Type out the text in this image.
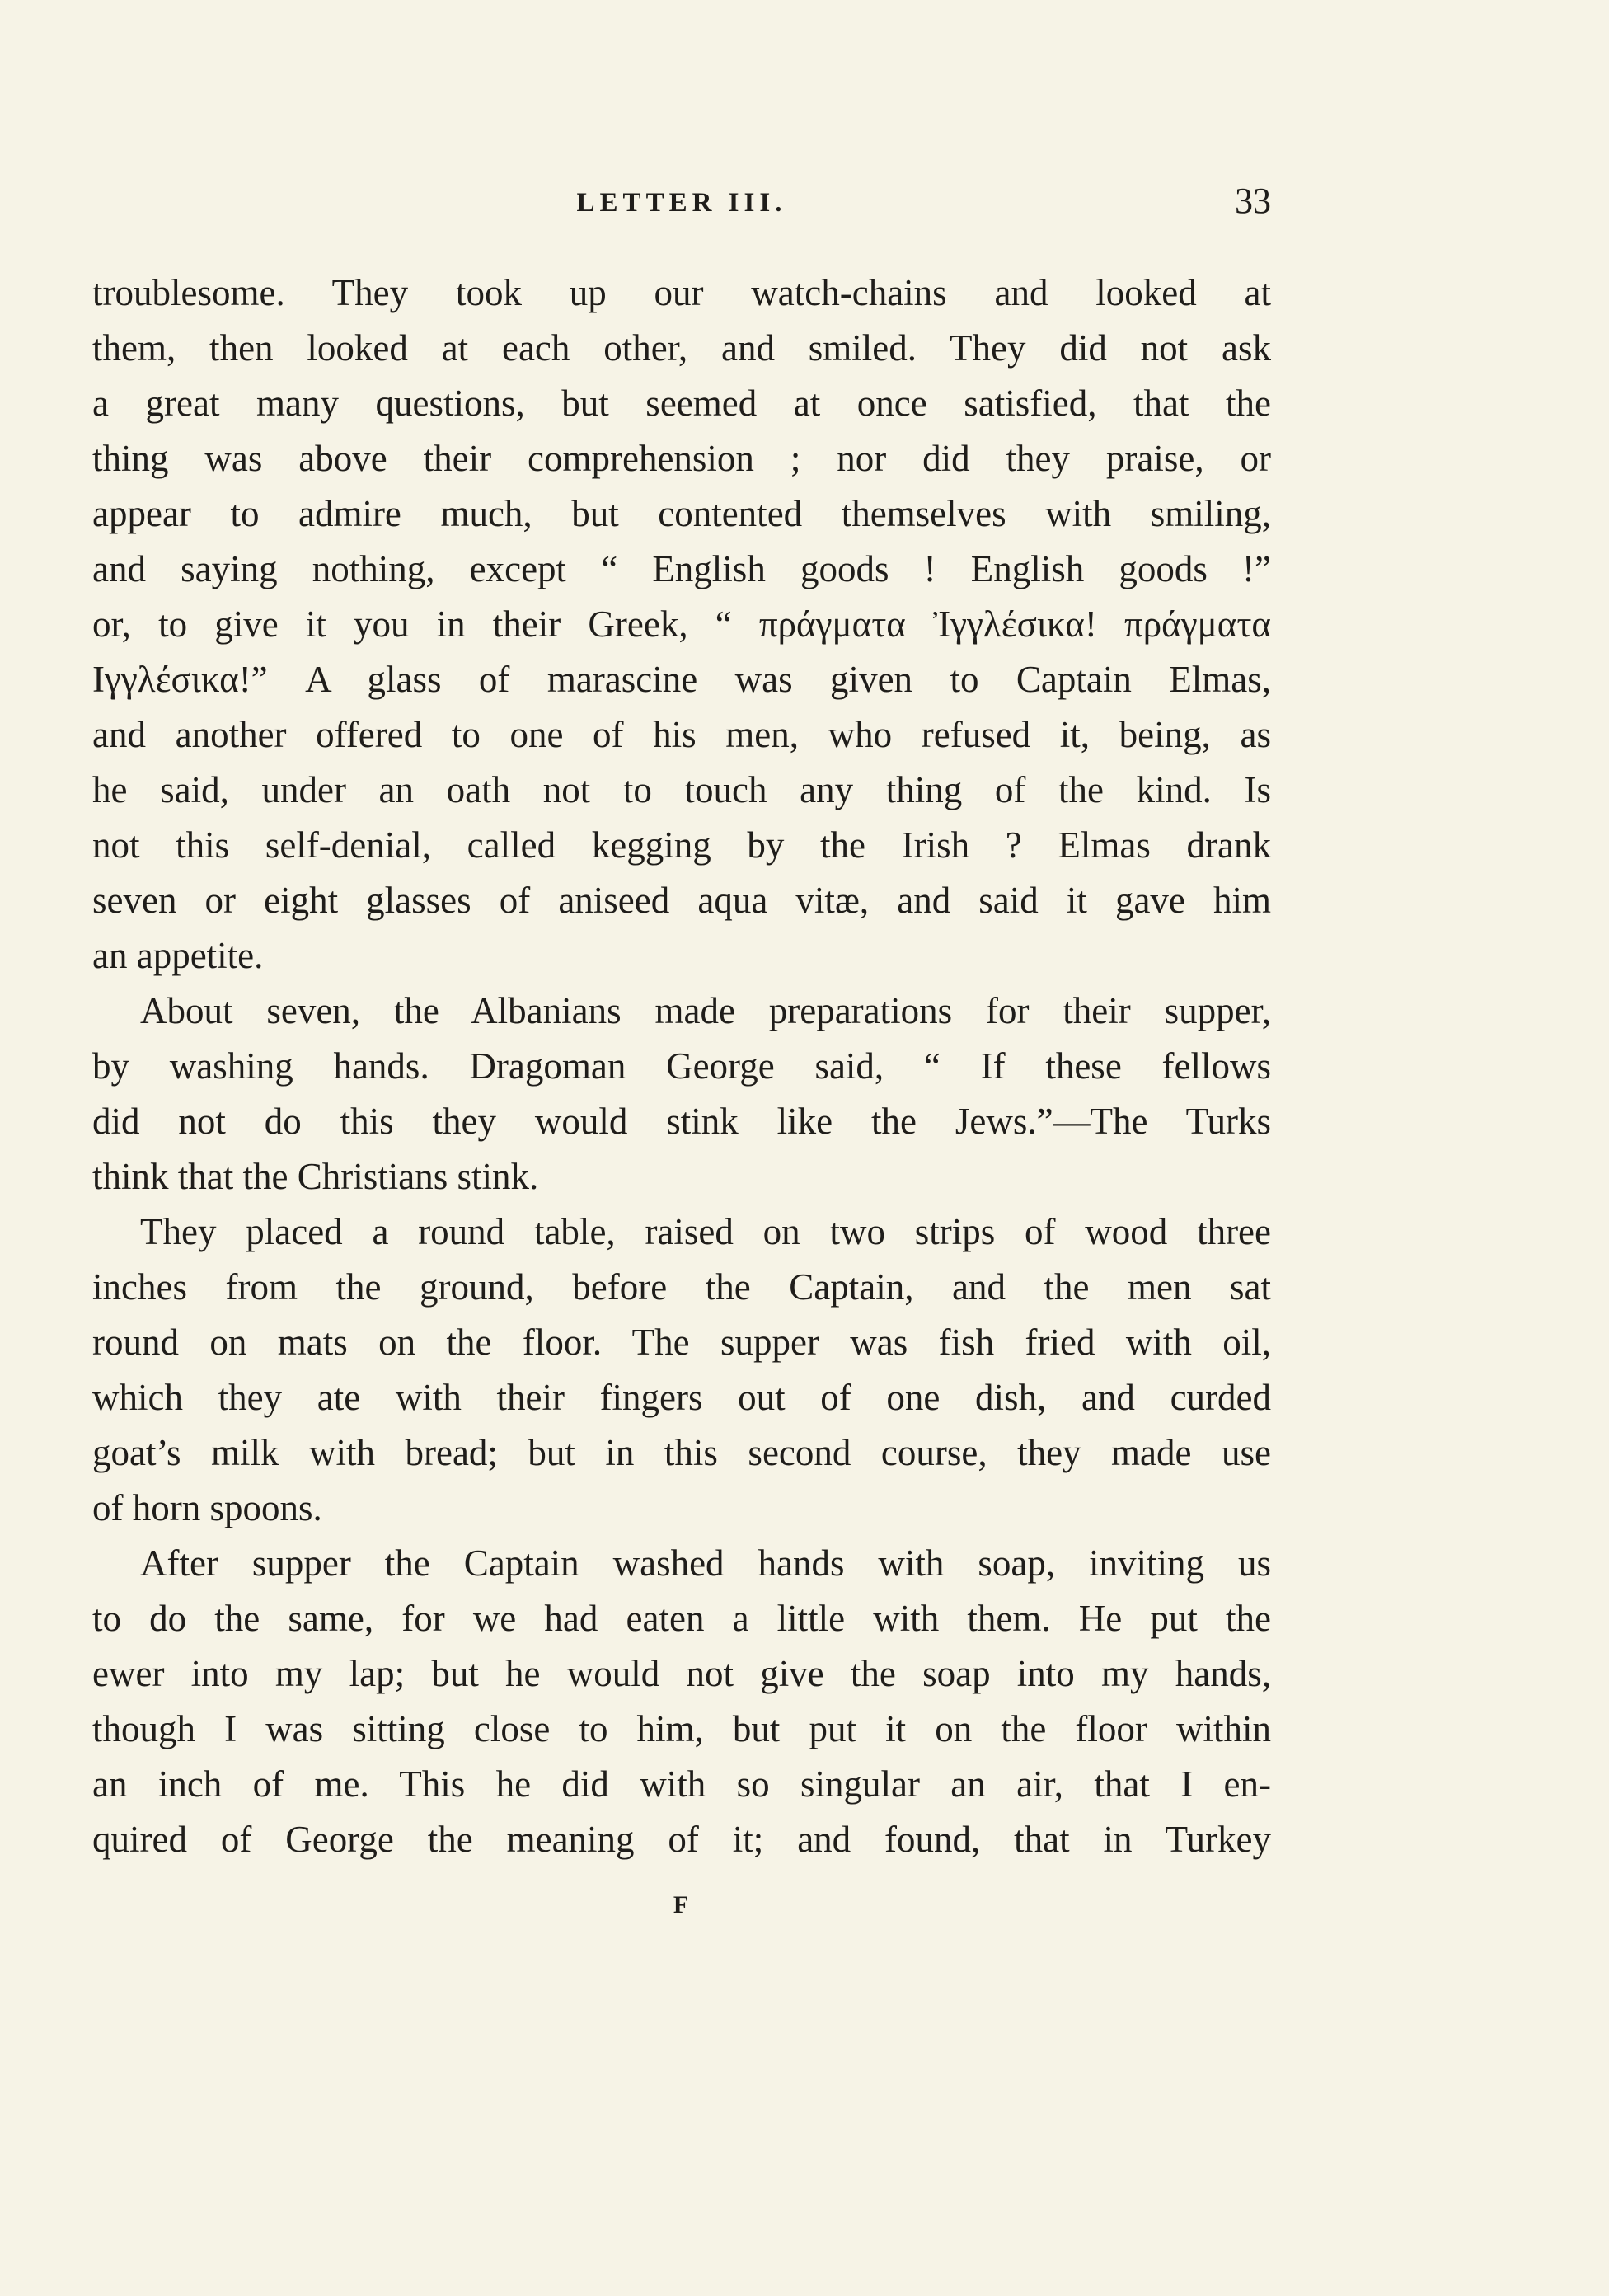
LETTER III.	33
troublesome. They took up our watch-chains and looked at
them, then looked at each other, and smiled. They did not ask
a great many questions, but seemed at once satisfied, that the
thing was above their comprehension ; nor did they praise, or
appear to admire much, but contented themselves with smiling,
and saying nothing, except “ English goods ! English goods !”
or, to give it you in their Greek, “ πράγματα Ἰγγλέσικα! πράγματα
Ιγγλέσικα!” A glass of marascine was given to Captain Elmas,
and another offered to one of his men, who refused it, being, as
he said, under an oath not to touch any thing of the kind. Is
not this self-denial, called kegging by the Irish ? Elmas drank
seven or eight glasses of aniseed aqua vitæ, and said it gave him
an appetite.
About seven, the Albanians made preparations for their supper,
by washing hands. Dragoman George said, “ If these fellows
did not do this they would stink like the Jews.”—The Turks
think that the Christians stink.
They placed a round table, raised on two strips of wood three
inches from the ground, before the Captain, and the men sat
round on mats on the floor. The supper was fish fried with oil,
which they ate with their fingers out of one dish, and curded
goat’s milk with bread; but in this second course, they made use
of horn spoons.
After supper the Captain washed hands with soap, inviting us
to do the same, for we had eaten a little with them. He put the
ewer into my lap; but he would not give the soap into my hands,
though I was sitting close to him, but put it on the floor within
an inch of me. This he did with so singular an air, that I en-
quired of George the meaning of it; and found, that in Turkey
F
